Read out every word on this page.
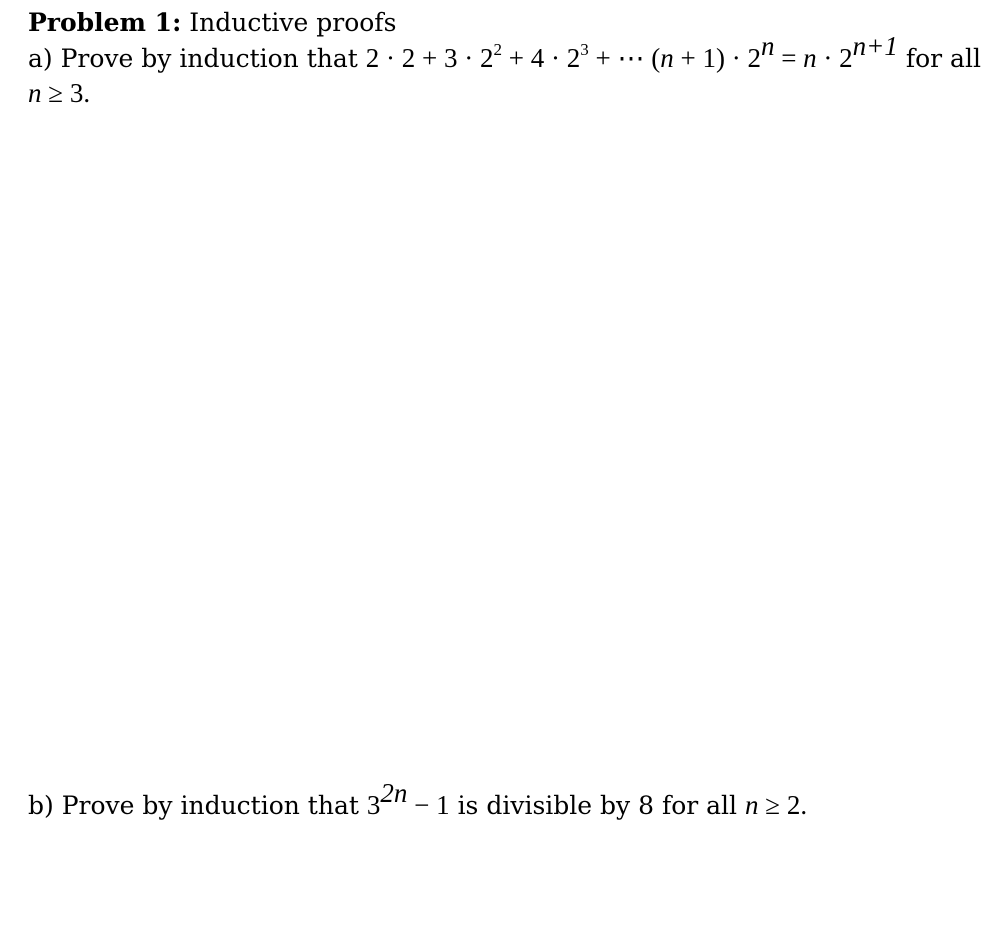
Problem 1: Inductive proofs
a) Prove by induction that $2 \cdot 2 + 3 \cdot 2^2 + 4 \cdot 2^3$ + ⋯ $(n + 1) \cdot 2^n = n \cdot 2^{n+1}$ for all
n ≥ 3.
b) Prove by induction that $3^{2n} - 1$ is divisible by 8 for all n ≥ 2.
